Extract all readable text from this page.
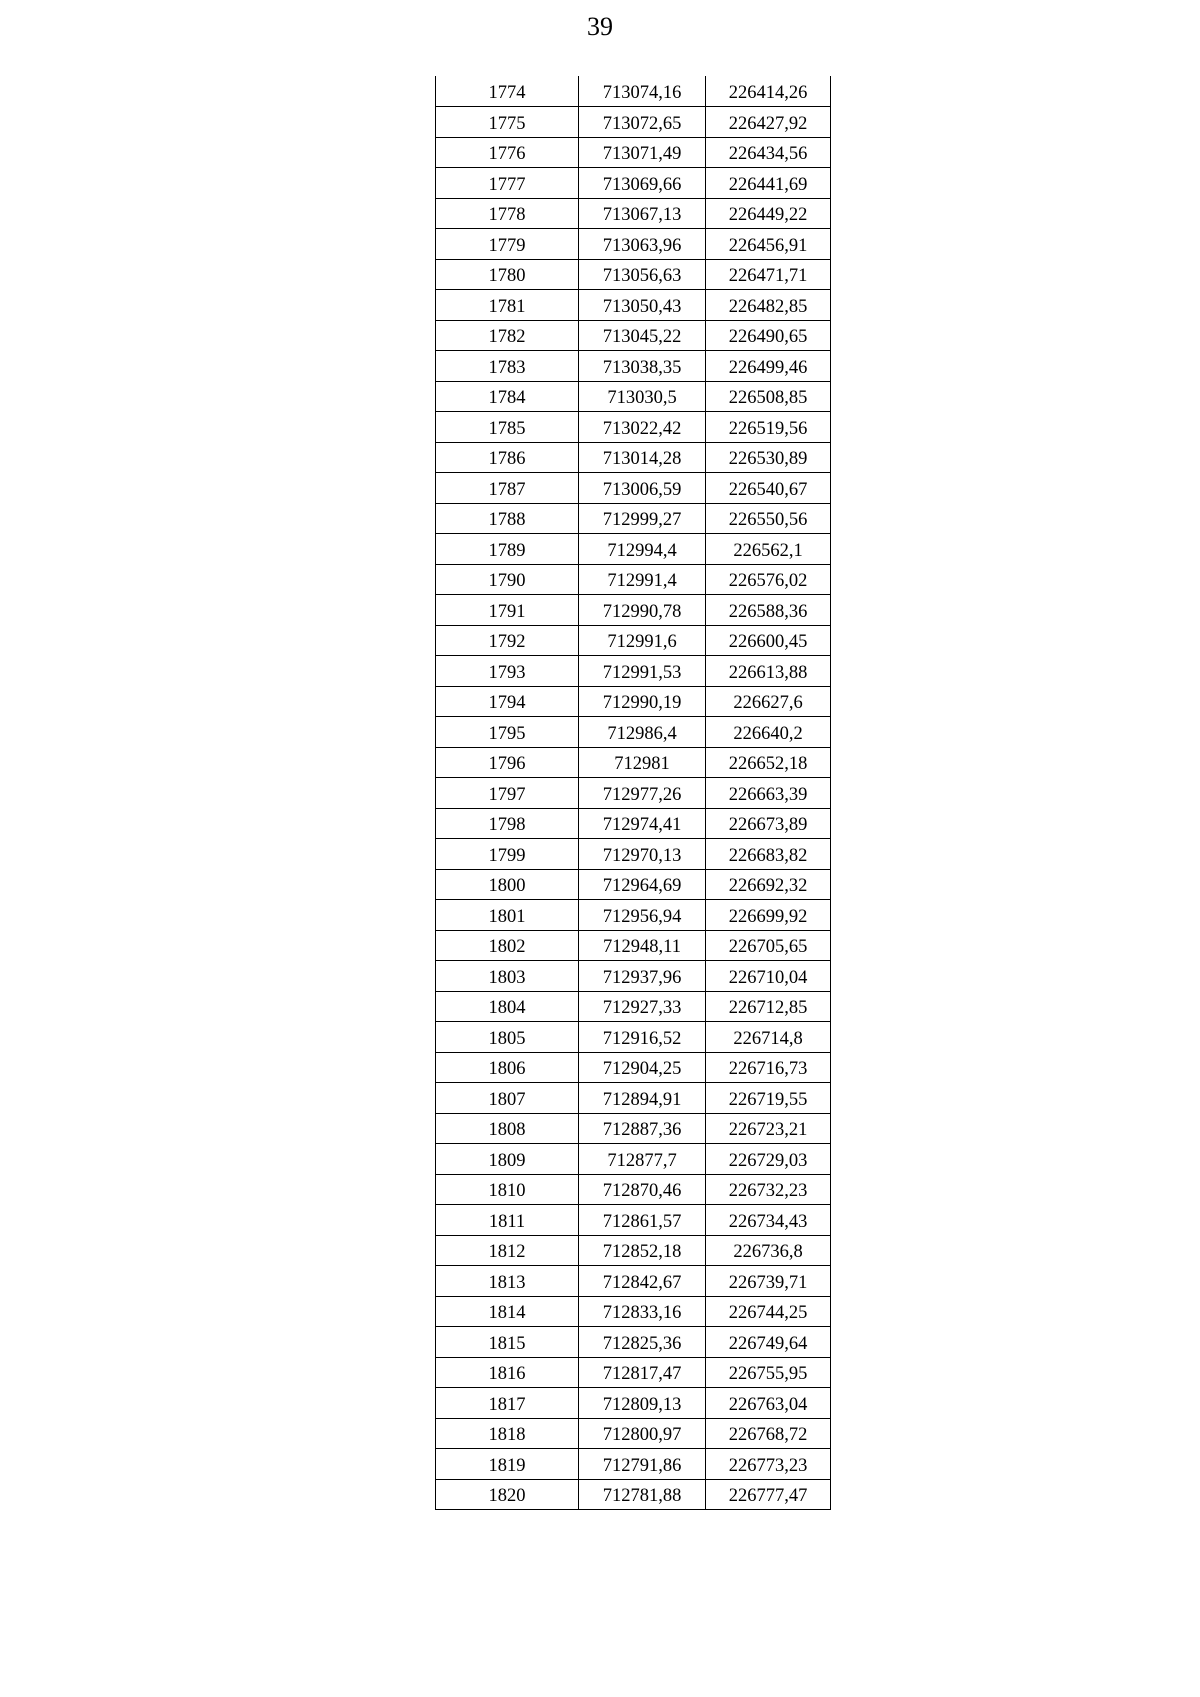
39
1774	713074,16	226414,26
1775	713072,65	226427,92
1776	713071,49	226434,56
1777	713069,66	226441,69
1778	713067,13	226449,22
1779	713063,96	226456,91
1780	713056,63	226471,71
1781	713050,43	226482,85
1782	713045,22	226490,65
1783	713038,35	226499,46
1784	713030,5	226508,85
1785	713022,42	226519,56
1786	713014,28	226530,89
1787	713006,59	226540,67
1788	712999,27	226550,56
1789	712994,4	226562,1
1790	712991,4	226576,02
1791	712990,78	226588,36
1792	712991,6	226600,45
1793	712991,53	226613,88
1794	712990,19	226627,6
1795	712986,4	226640,2
1796	712981	226652,18
1797	712977,26	226663,39
1798	712974,41	226673,89
1799	712970,13	226683,82
1800	712964,69	226692,32
1801	712956,94	226699,92
1802	712948,11	226705,65
1803	712937,96	226710,04
1804	712927,33	226712,85
1805	712916,52	226714,8
1806	712904,25	226716,73
1807	712894,91	226719,55
1808	712887,36	226723,21
1809	712877,7	226729,03
1810	712870,46	226732,23
1811	712861,57	226734,43
1812	712852,18	226736,8
1813	712842,67	226739,71
1814	712833,16	226744,25
1815	712825,36	226749,64
1816	712817,47	226755,95
1817	712809,13	226763,04
1818	712800,97	226768,72
1819	712791,86	226773,23
1820	712781,88	226777,47
